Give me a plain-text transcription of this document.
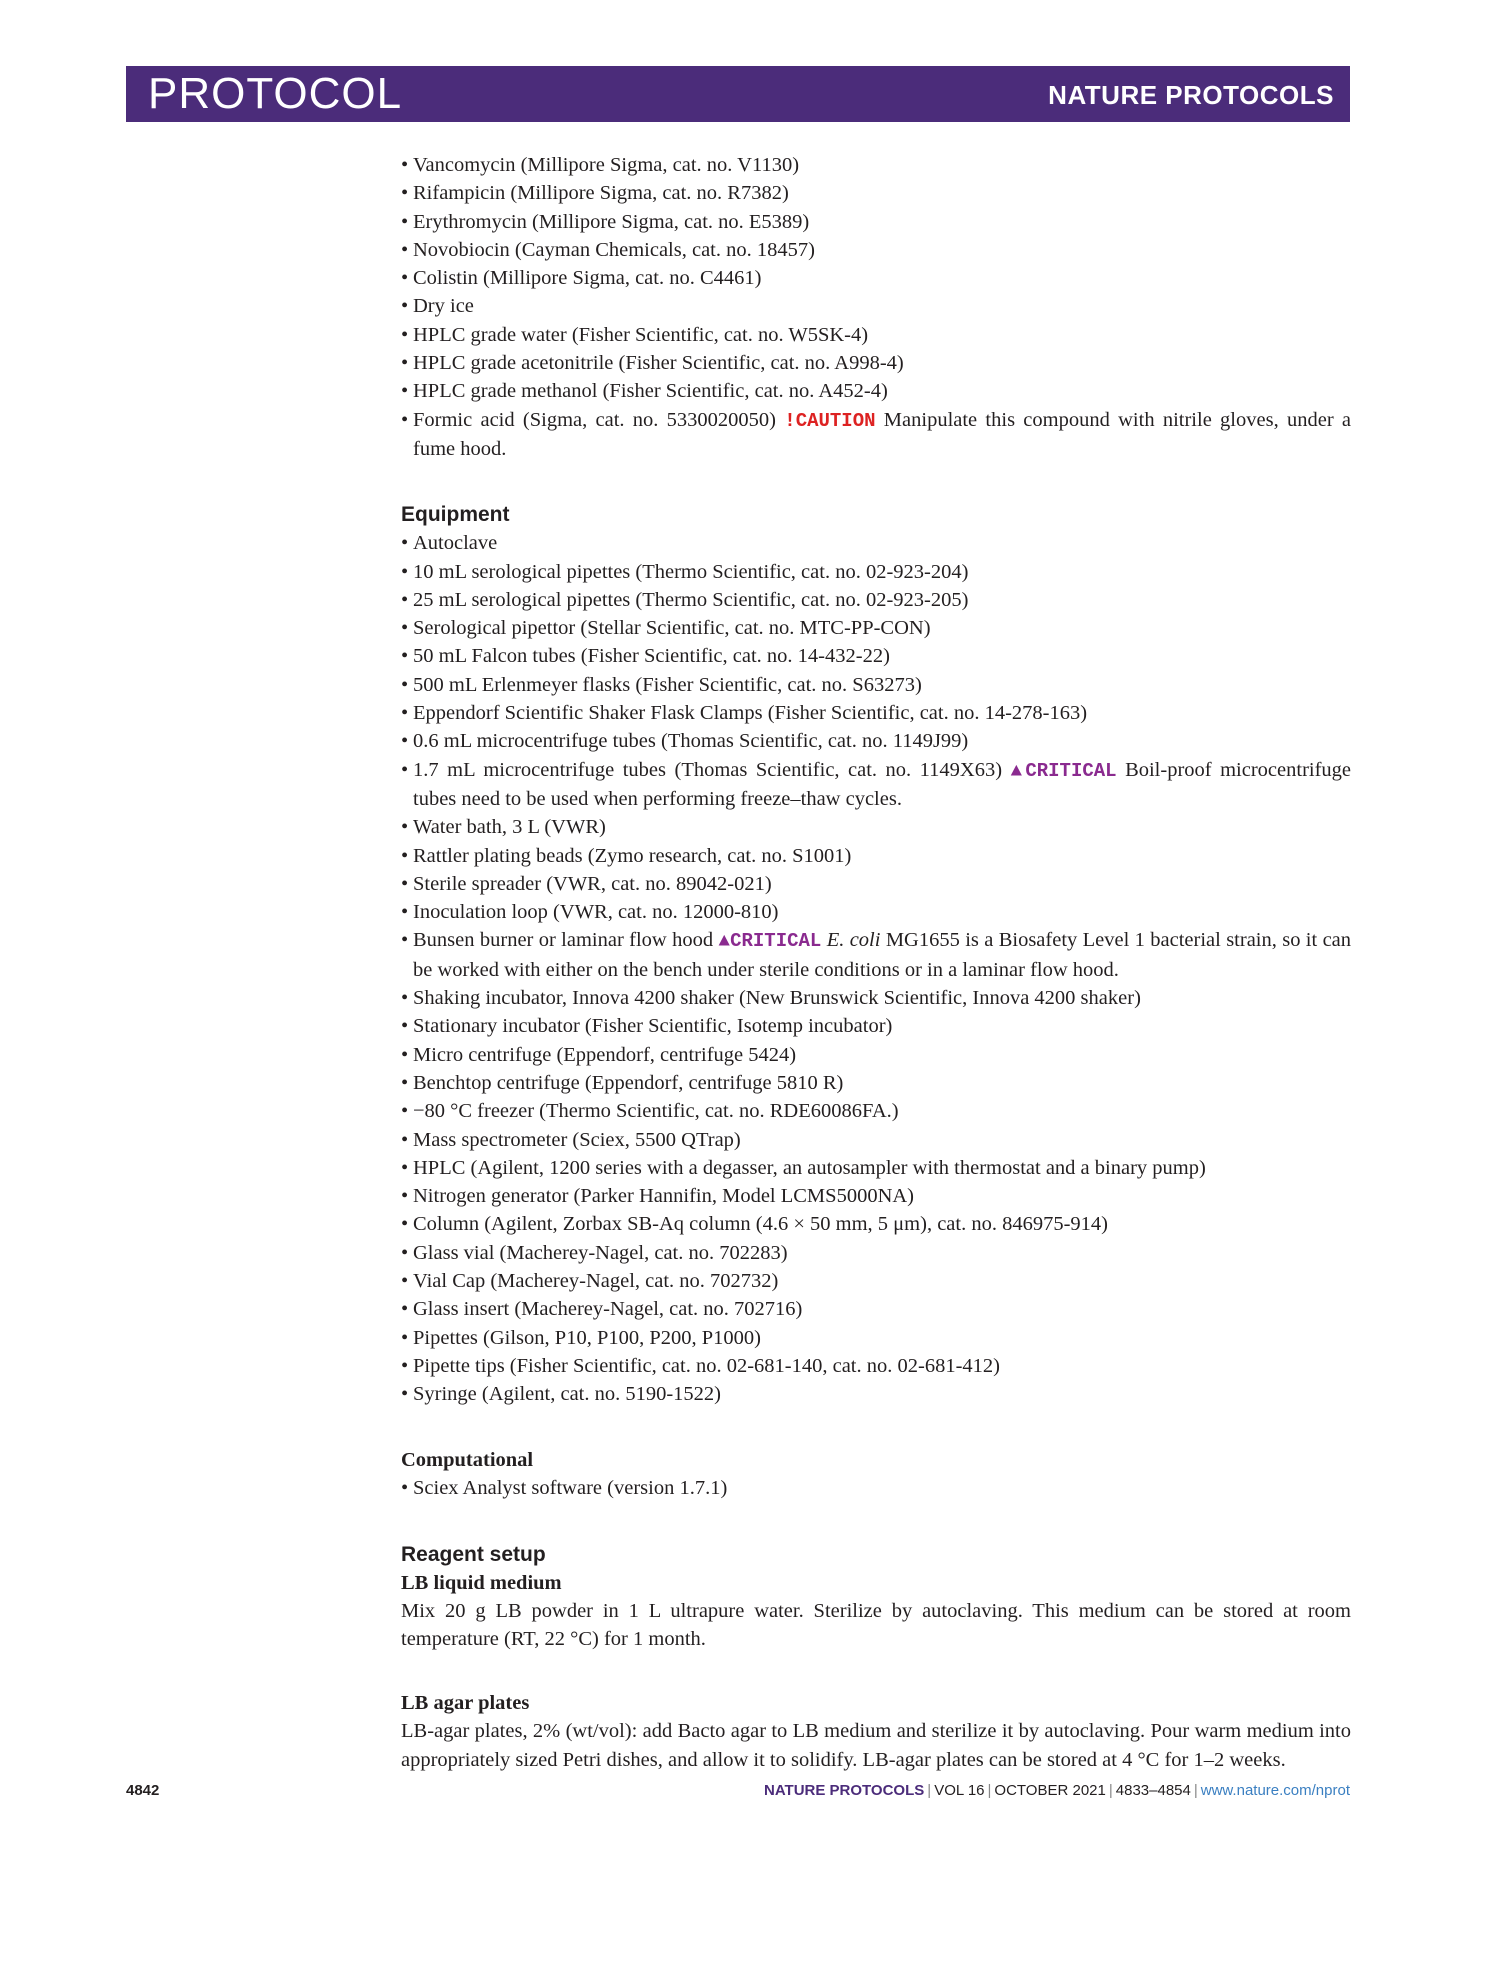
PROTOCOL	NATURE PROTOCOLS
• Vancomycin (Millipore Sigma, cat. no. V1130)
• Rifampicin (Millipore Sigma, cat. no. R7382)
• Erythromycin (Millipore Sigma, cat. no. E5389)
• Novobiocin (Cayman Chemicals, cat. no. 18457)
• Colistin (Millipore Sigma, cat. no. C4461)
• Dry ice
• HPLC grade water (Fisher Scientific, cat. no. W5SK-4)
• HPLC grade acetonitrile (Fisher Scientific, cat. no. A998-4)
• HPLC grade methanol (Fisher Scientific, cat. no. A452-4)
• Formic acid (Sigma, cat. no. 5330020050) !CAUTION Manipulate this compound with nitrile gloves, under a fume hood.
Equipment
• Autoclave
• 10 mL serological pipettes (Thermo Scientific, cat. no. 02-923-204)
• 25 mL serological pipettes (Thermo Scientific, cat. no. 02-923-205)
• Serological pipettor (Stellar Scientific, cat. no. MTC-PP-CON)
• 50 mL Falcon tubes (Fisher Scientific, cat. no. 14-432-22)
• 500 mL Erlenmeyer flasks (Fisher Scientific, cat. no. S63273)
• Eppendorf Scientific Shaker Flask Clamps (Fisher Scientific, cat. no. 14-278-163)
• 0.6 mL microcentrifuge tubes (Thomas Scientific, cat. no. 1149J99)
• 1.7 mL microcentrifuge tubes (Thomas Scientific, cat. no. 1149X63) ▲CRITICAL Boil-proof microcentrifuge tubes need to be used when performing freeze–thaw cycles.
• Water bath, 3 L (VWR)
• Rattler plating beads (Zymo research, cat. no. S1001)
• Sterile spreader (VWR, cat. no. 89042-021)
• Inoculation loop (VWR, cat. no. 12000-810)
• Bunsen burner or laminar flow hood ▲CRITICAL E. coli MG1655 is a Biosafety Level 1 bacterial strain, so it can be worked with either on the bench under sterile conditions or in a laminar flow hood.
• Shaking incubator, Innova 4200 shaker (New Brunswick Scientific, Innova 4200 shaker)
• Stationary incubator (Fisher Scientific, Isotemp incubator)
• Micro centrifuge (Eppendorf, centrifuge 5424)
• Benchtop centrifuge (Eppendorf, centrifuge 5810 R)
• −80 °C freezer (Thermo Scientific, cat. no. RDE60086FA.)
• Mass spectrometer (Sciex, 5500 QTrap)
• HPLC (Agilent, 1200 series with a degasser, an autosampler with thermostat and a binary pump)
• Nitrogen generator (Parker Hannifin, Model LCMS5000NA)
• Column (Agilent, Zorbax SB-Aq column (4.6 × 50 mm, 5 μm), cat. no. 846975-914)
• Glass vial (Macherey-Nagel, cat. no. 702283)
• Vial Cap (Macherey-Nagel, cat. no. 702732)
• Glass insert (Macherey-Nagel, cat. no. 702716)
• Pipettes (Gilson, P10, P100, P200, P1000)
• Pipette tips (Fisher Scientific, cat. no. 02-681-140, cat. no. 02-681-412)
• Syringe (Agilent, cat. no. 5190-1522)
Computational
• Sciex Analyst software (version 1.7.1)
Reagent setup
LB liquid medium

Mix 20 g LB powder in 1 L ultrapure water. Sterilize by autoclaving. This medium can be stored at room temperature (RT, 22 °C) for 1 month.

LB agar plates

LB-agar plates, 2% (wt/vol): add Bacto agar to LB medium and sterilize it by autoclaving. Pour warm medium into appropriately sized Petri dishes, and allow it to solidify. LB-agar plates can be stored at 4 °C for 1–2 weeks.

4842	NATURE PROTOCOLS | VOL 16 | OCTOBER 2021 | 4833–4854 | www.nature.com/nprot
